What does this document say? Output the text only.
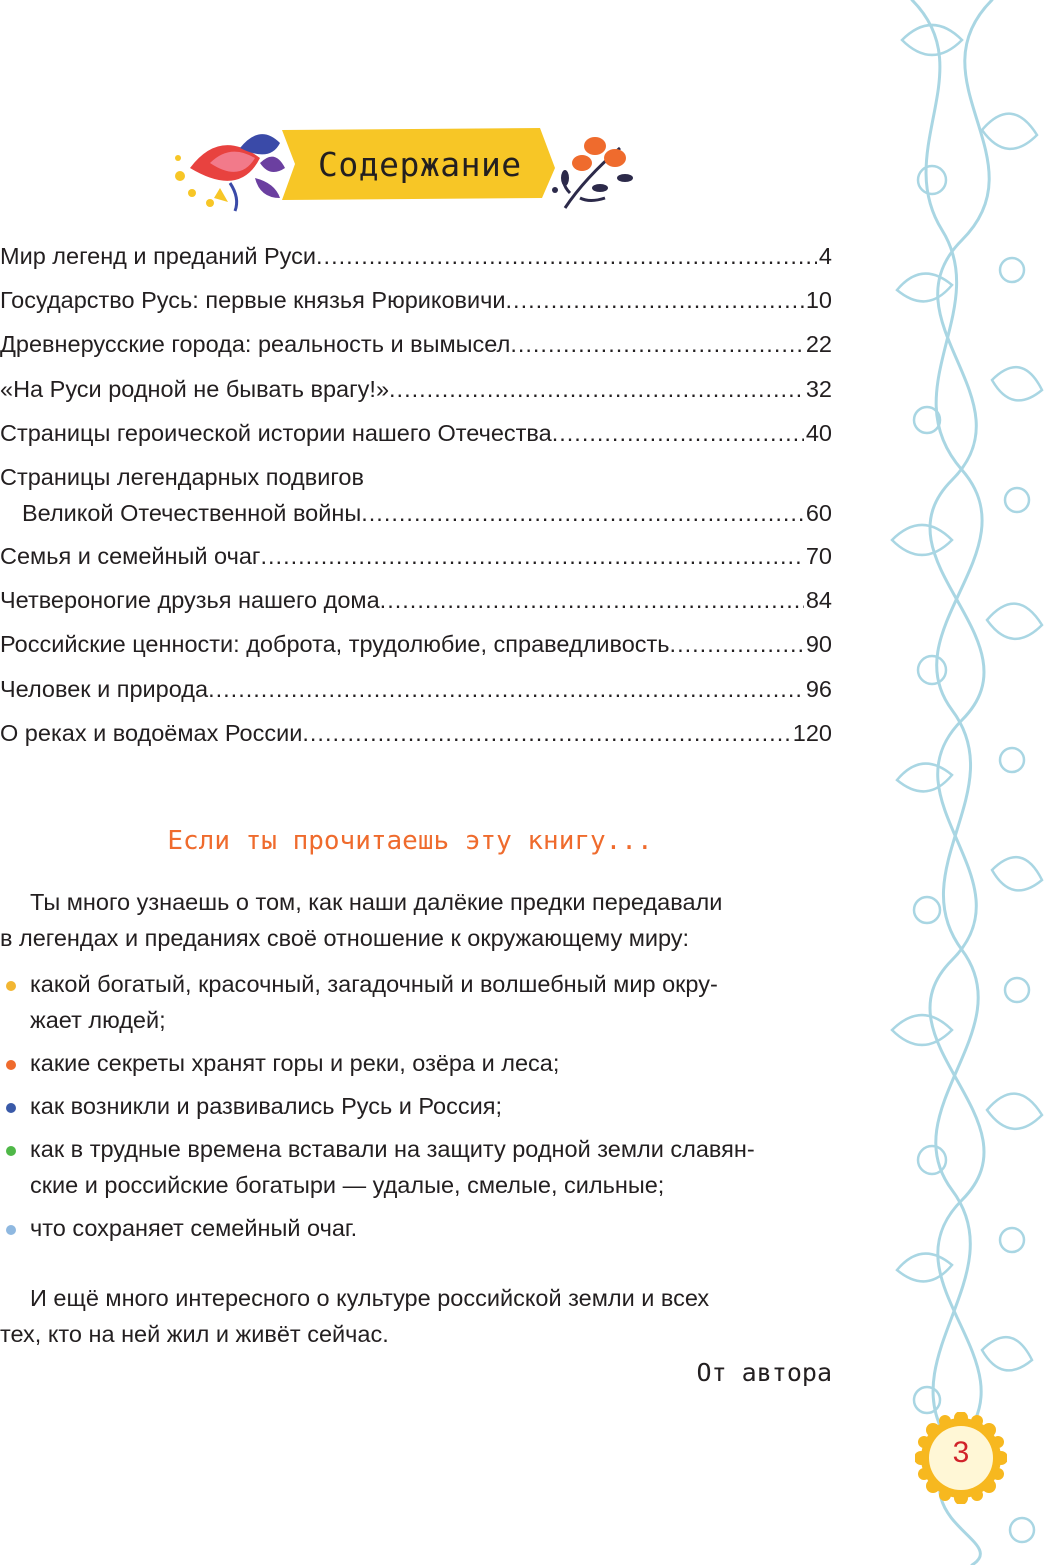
Содержание
Мир легенд и преданий Руси .....	4
Государство Русь: первые князья Рюриковичи .....	10
Древнерусские города: реальность и вымысел .....	22
«На Руси родной не бывать врагу!» .....	32
Страницы героической истории нашего Отечества .....	40
Страницы легендарных подвигов
Великой Отечественной войны .....	60
Семья и семейный очаг .....	70
Четвероногие друзья нашего дома .....	84
Российские ценности: доброта, трудолюбие, справедливость .....	90
Человек и природа .....	96
О реках и водоёмах России .....	120
Если ты прочитаешь эту книгу...
Ты много узнаешь о том, как наши далёкие предки передавали
в легендах и преданиях своё отношение к окружающему миру:
какой богатый, красочный, загадочный и волшебный мир окру-
жает людей;
какие секреты хранят горы и реки, озёра и леса;
как возникли и развивались Русь и Россия;
как в трудные времена вставали на защиту родной земли славян-
ские и российские богатыри — удалые, смелые, сильные;
что сохраняет семейный очаг.
И ещё много интересного о культуре российской земли и всех
тех, кто на ней жил и живёт сейчас.
От автора
3
